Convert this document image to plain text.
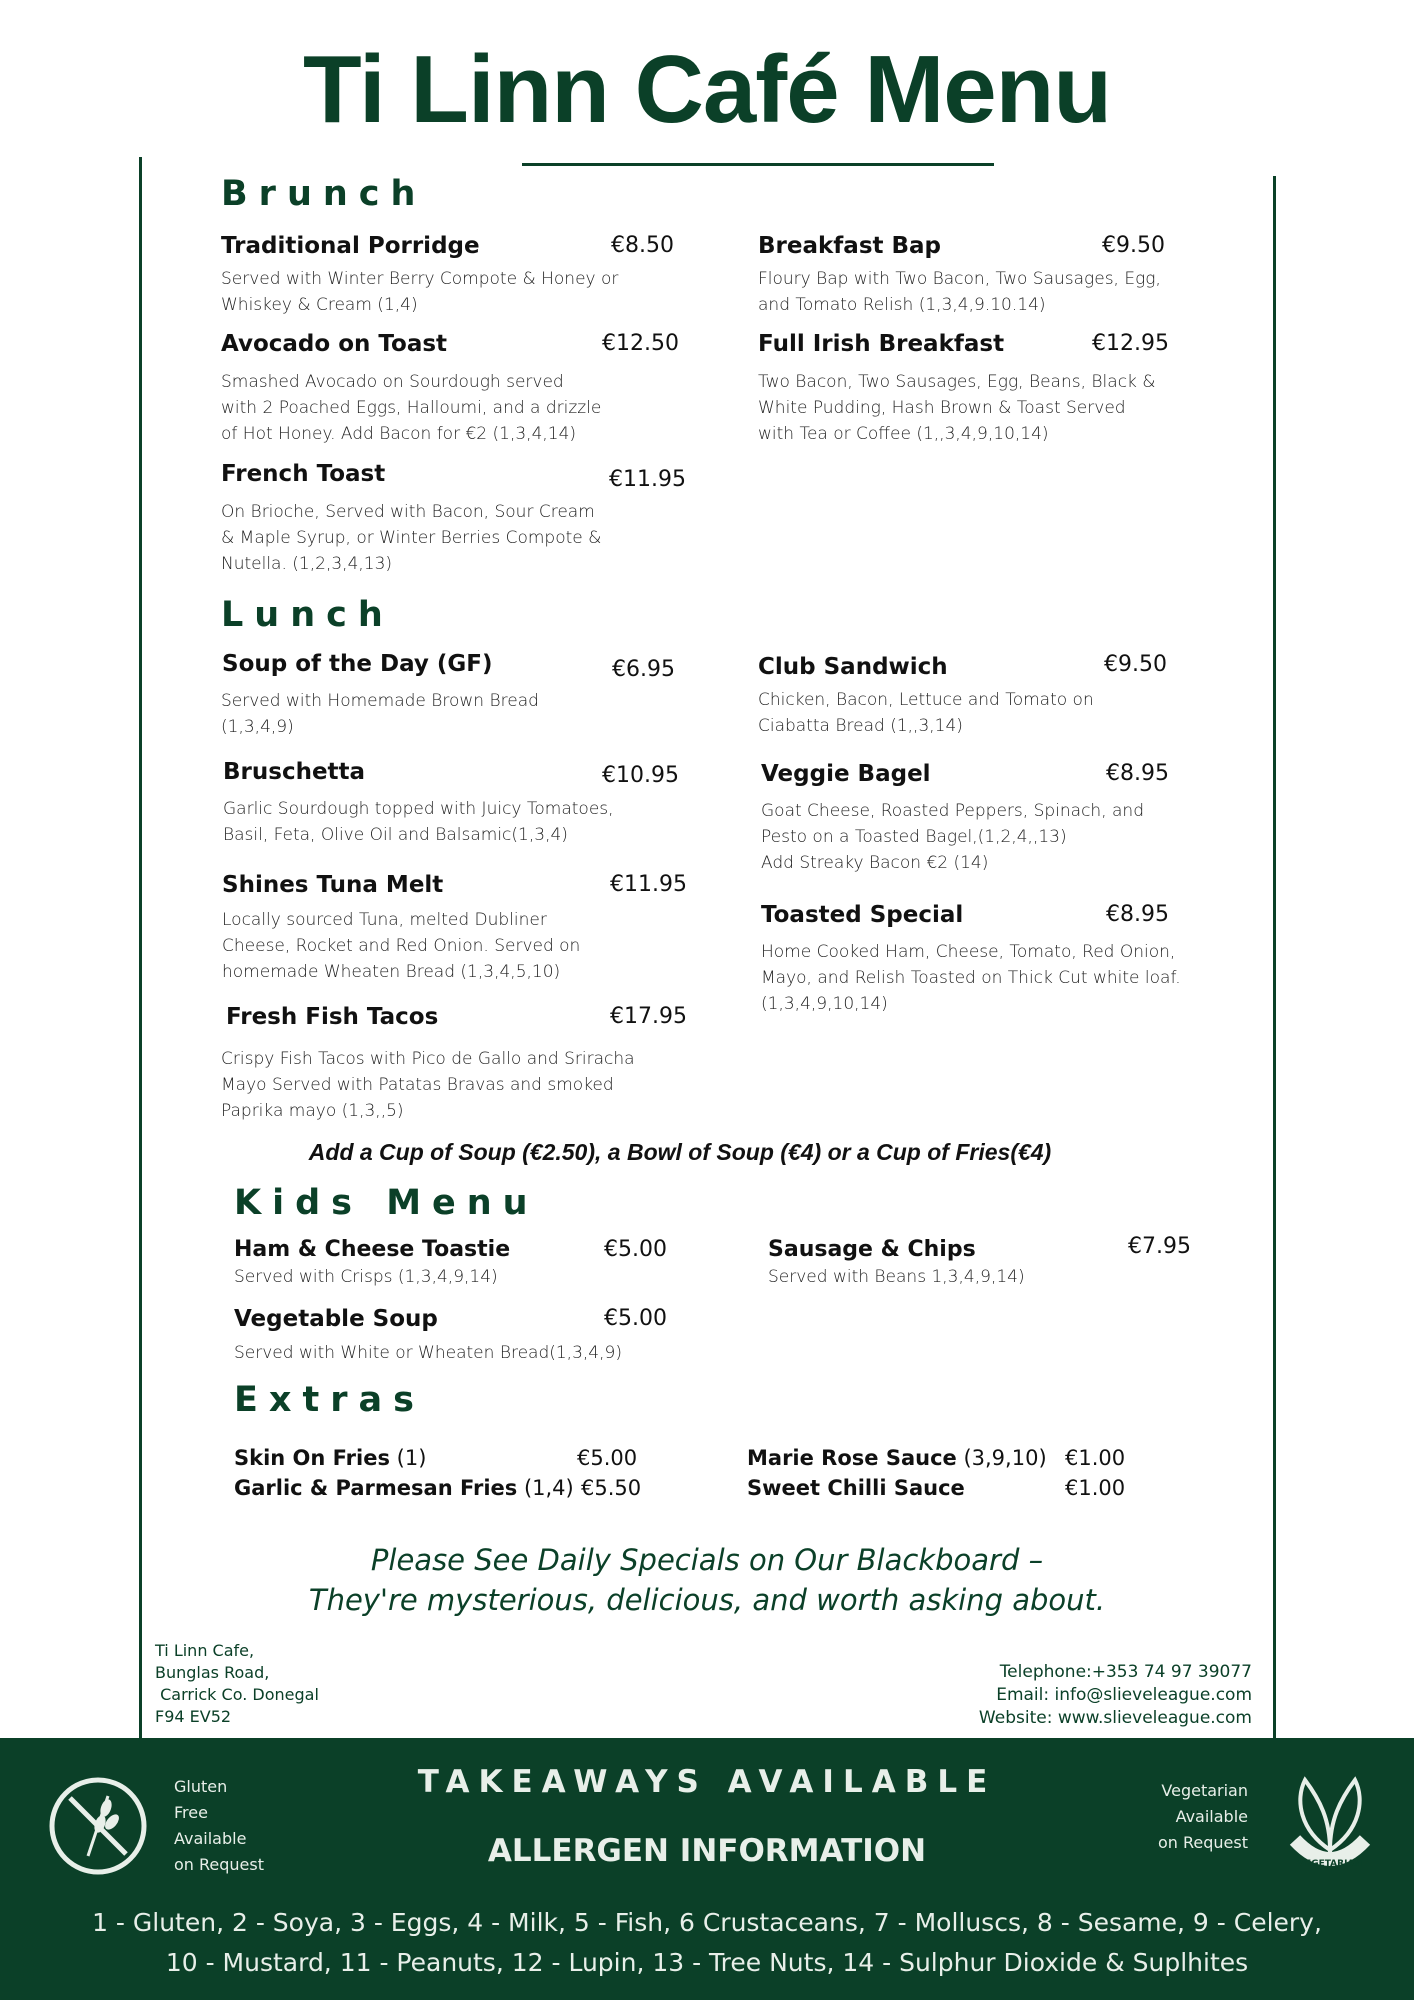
Ti Linn Café Menu
Brunch
Traditional Porridge	€8.50
Served with Winter Berry Compote & Honey or
Whiskey & Cream (1,4)
Avocado on Toast	€12.50
Smashed Avocado on Sourdough served
with 2 Poached Eggs, Halloumi, and a drizzle
of Hot Honey. Add Bacon for €2 (1,3,4,14)
French Toast	€11.95
On Brioche, Served with Bacon, Sour Cream
& Maple Syrup, or Winter Berries Compote &
Nutella. (1,2,3,4,13)
Breakfast Bap	€9.50
Floury Bap with Two Bacon, Two Sausages, Egg,
and Tomato Relish (1,3,4,9.10.14)
Full Irish Breakfast	€12.95
Two Bacon, Two Sausages, Egg, Beans, Black &
White Pudding, Hash Brown & Toast Served
with Tea or Coffee (1,,3,4,9,10,14)
Lunch
Soup of the Day (GF)	€6.95
Served with Homemade Brown Bread
(1,3,4,9)
Bruschetta	€10.95
Garlic Sourdough topped with Juicy Tomatoes,
Basil, Feta, Olive Oil and Balsamic(1,3,4)
Shines Tuna Melt	€11.95
Locally sourced Tuna, melted Dubliner
Cheese, Rocket and Red Onion. Served on
homemade Wheaten Bread (1,3,4,5,10)
Fresh Fish Tacos	€17.95
Crispy Fish Tacos with Pico de Gallo and Sriracha
Mayo Served with Patatas Bravas and smoked
Paprika mayo (1,3,,5)
Club Sandwich	€9.50
Chicken, Bacon, Lettuce and Tomato on
Ciabatta Bread (1,,3,14)
Veggie Bagel	€8.95
Goat Cheese, Roasted Peppers, Spinach, and
Pesto on a Toasted Bagel,(1,2,4,,13)
Add Streaky Bacon €2 (14)
Toasted Special	€8.95
Home Cooked Ham, Cheese, Tomato, Red Onion,
Mayo, and Relish Toasted on Thick Cut white loaf.
(1,3,4,9,10,14)
Add a Cup of Soup (€2.50), a Bowl of Soup (€4) or a Cup of Fries(€4)
Kids Menu
Ham & Cheese Toastie	€5.00
Served with Crisps (1,3,4,9,14)
Vegetable Soup	€5.00
Served with White or Wheaten Bread(1,3,4,9)
Sausage & Chips	€7.95
Served with Beans 1,3,4,9,14)
Extras
Skin On Fries (1)	€5.00
Garlic & Parmesan Fries (1,4) €5.50
Marie Rose Sauce (3,9,10) €1.00
Sweet Chilli Sauce	€1.00
Please See Daily Specials on Our Blackboard –
They're mysterious, delicious, and worth asking about.
Ti Linn Cafe,
Bunglas Road,
Carrick Co. Donegal
F94 EV52
Telephone:+353 74 97 39077
Email: info@slieveleague.com
Website: www.slieveleague.com
Gluten
Free
Available
on Request
TAKEAWAYS AVAILABLE
ALLERGEN INFORMATION
Vegetarian
Available
on Request
VEGETARIAN
1 - Gluten, 2 - Soya, 3 - Eggs, 4 - Milk, 5 - Fish, 6 Crustaceans, 7 - Molluscs, 8 - Sesame, 9 - Celery,
10 - Mustard, 11 - Peanuts, 12 - Lupin, 13 - Tree Nuts, 14 - Sulphur Dioxide & Suplhites
